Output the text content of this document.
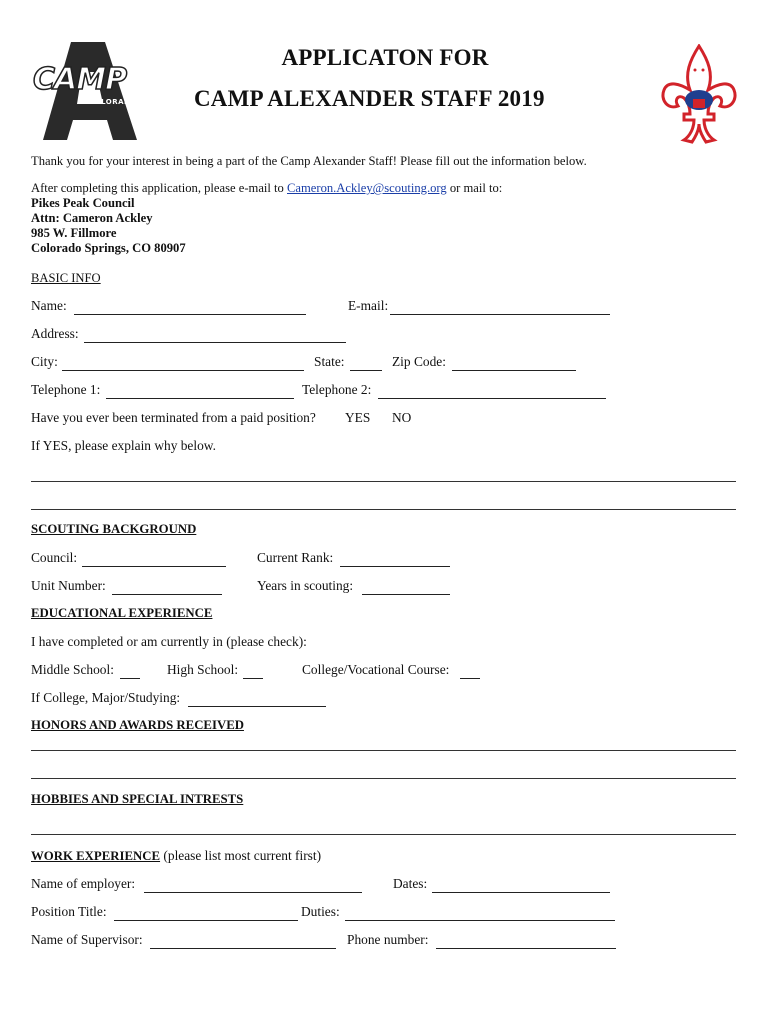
CAMP
COLORADO
APPLICATON FOR
CAMP ALEXANDER STAFF 2019
Thank you for your interest in being a part of the Camp Alexander Staff! Please fill out the information below.
After completing this application, please e-mail to Cameron.Ackley@scouting.org or mail to:
Pikes Peak Council
Attn: Cameron Ackley
985 W. Fillmore
Colorado Springs, CO 80907
BASIC INFO
Name:	E-mail:
Address:
City:	State:	Zip Code:
Telephone 1:	Telephone 2:
Have you ever been terminated from a paid position? YES NO
If YES, please explain why below.
SCOUTING BACKGROUND
Council:	Current Rank:
Unit Number:	Years in scouting:
EDUCATIONAL EXPERIENCE
I have completed or am currently in (please check):
Middle School:	High School:	College/Vocational Course:
If College, Major/Studying:
HONORS AND AWARDS RECEIVED
HOBBIES AND SPECIAL INTRESTS
WORK EXPERIENCE (please list most current first)
Name of employer:	Dates:
Position Title:	Duties:
Name of Supervisor:	Phone number:
